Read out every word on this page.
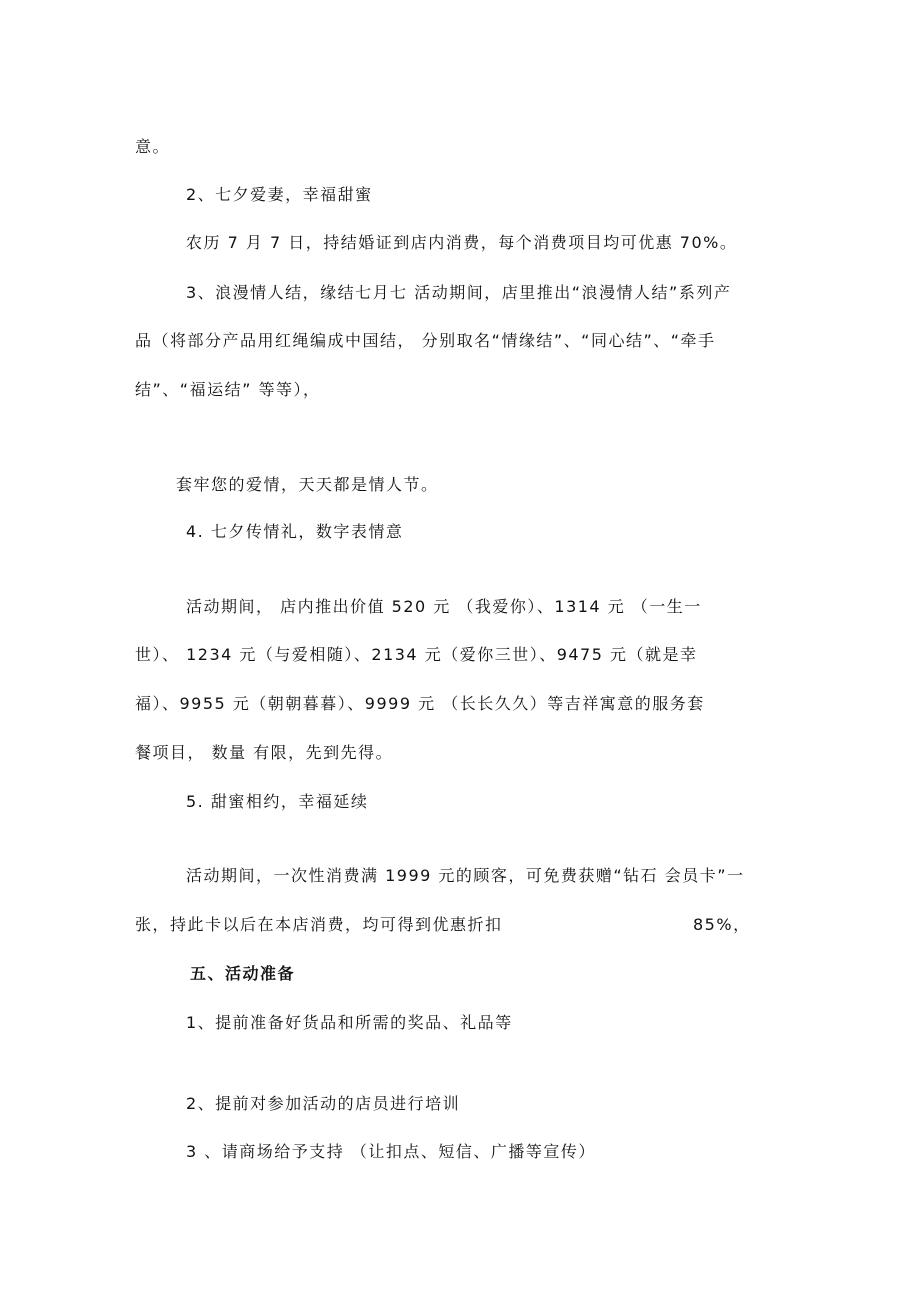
意。
2、七夕爱妻，幸福甜蜜
农历 7 月 7 日，持结婚证到店内消费，每个消费项目均可优惠 70%。
3、浪漫情人结，缘结七月七 活动期间，店里推出“浪漫情人结”系列产
品（将部分产品用红绳编成中国结， 分别取名“情缘结”、“同心结”、“牵手
结”、“福运结” 等等），
套牢您的爱情，天天都是情人节。
4. 七夕传情礼，数字表情意
活动期间， 店内推出价值 520 元 （我爱你）、1314 元 （一生一
世）、 1234 元（与爱相随）、2134 元（爱你三世）、9475 元（就是幸
福）、9955 元（朝朝暮暮）、9999 元 （长长久久）等吉祥寓意的服务套
餐项目， 数量 有限，先到先得。
5. 甜蜜相约，幸福延续
活动期间，一次性消费满 1999 元的顾客，可免费获赠“钻石 会员卡”一
张，持此卡以后在本店消费，均可得到优惠折扣	85%，
五、活动准备
1、提前准备好货品和所需的奖品、礼品等
2、提前对参加活动的店员进行培训
3 、请商场给予支持 （让扣点、短信、广播等宣传）
